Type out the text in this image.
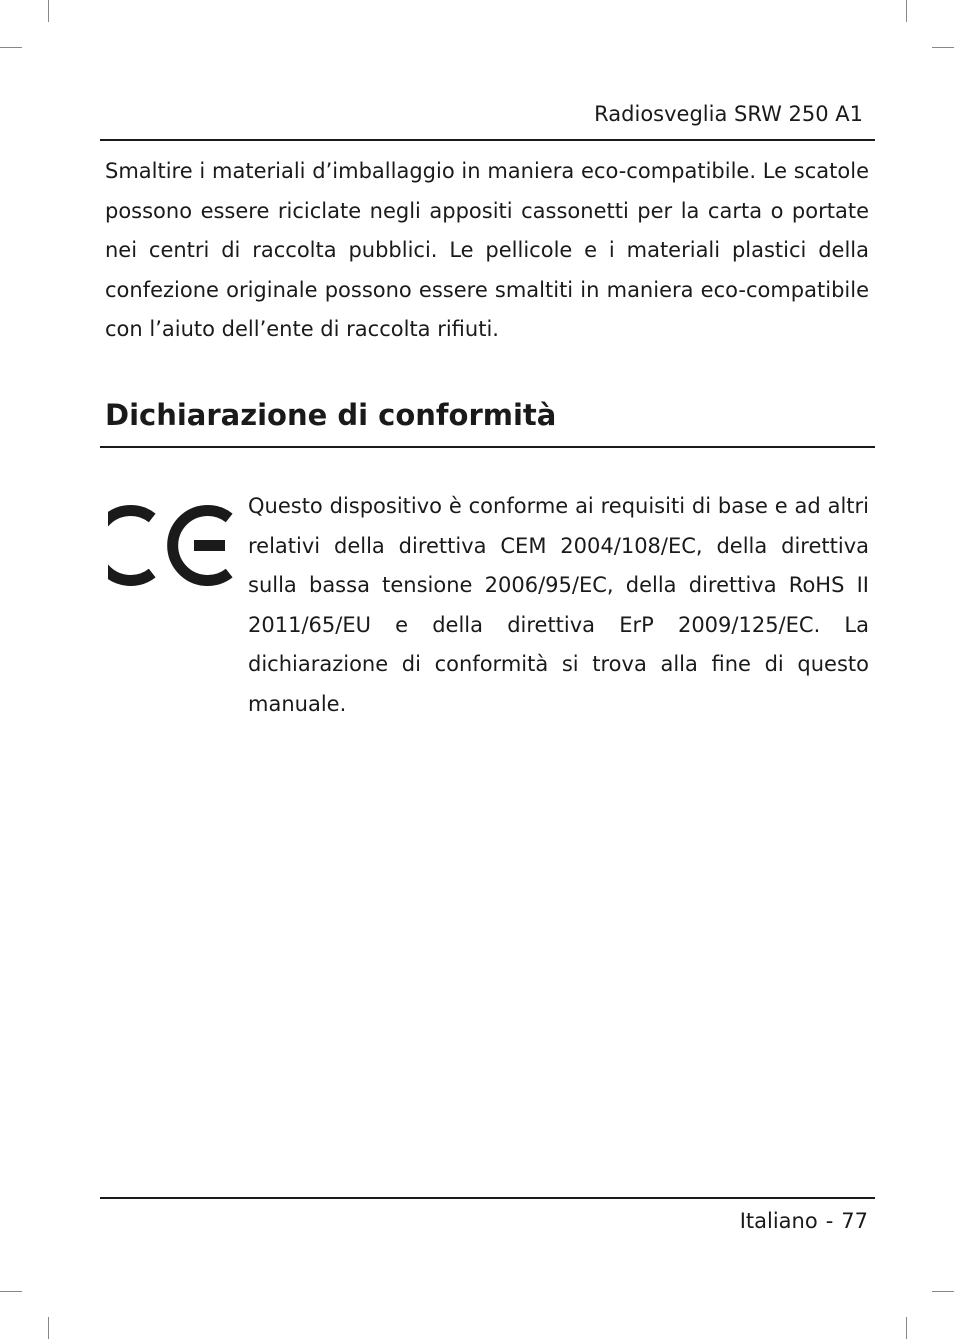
Radiosveglia SRW 250 A1

Smaltire i materiali d’imballaggio in maniera eco-compatibile. Le scatole possono essere riciclate negli appositi cassonetti per la carta o portate nei centri di raccolta pubblici. Le pellicole e i materiali plastici della confezione originale possono essere smaltiti in maniera eco-compatibile con l’aiuto dell’ente di raccolta rifiuti.

Dichiarazione di conformità

Questo dispositivo è conforme ai requisiti di base e ad altri relativi della direttiva CEM 2004/108/EC, della direttiva sulla bassa tensione 2006/95/EC, della direttiva RoHS II 2011/65/EU e della direttiva ErP 2009/125/EC. La dichiarazione di conformità si trova alla fine di questo manuale.

Italiano - 77
